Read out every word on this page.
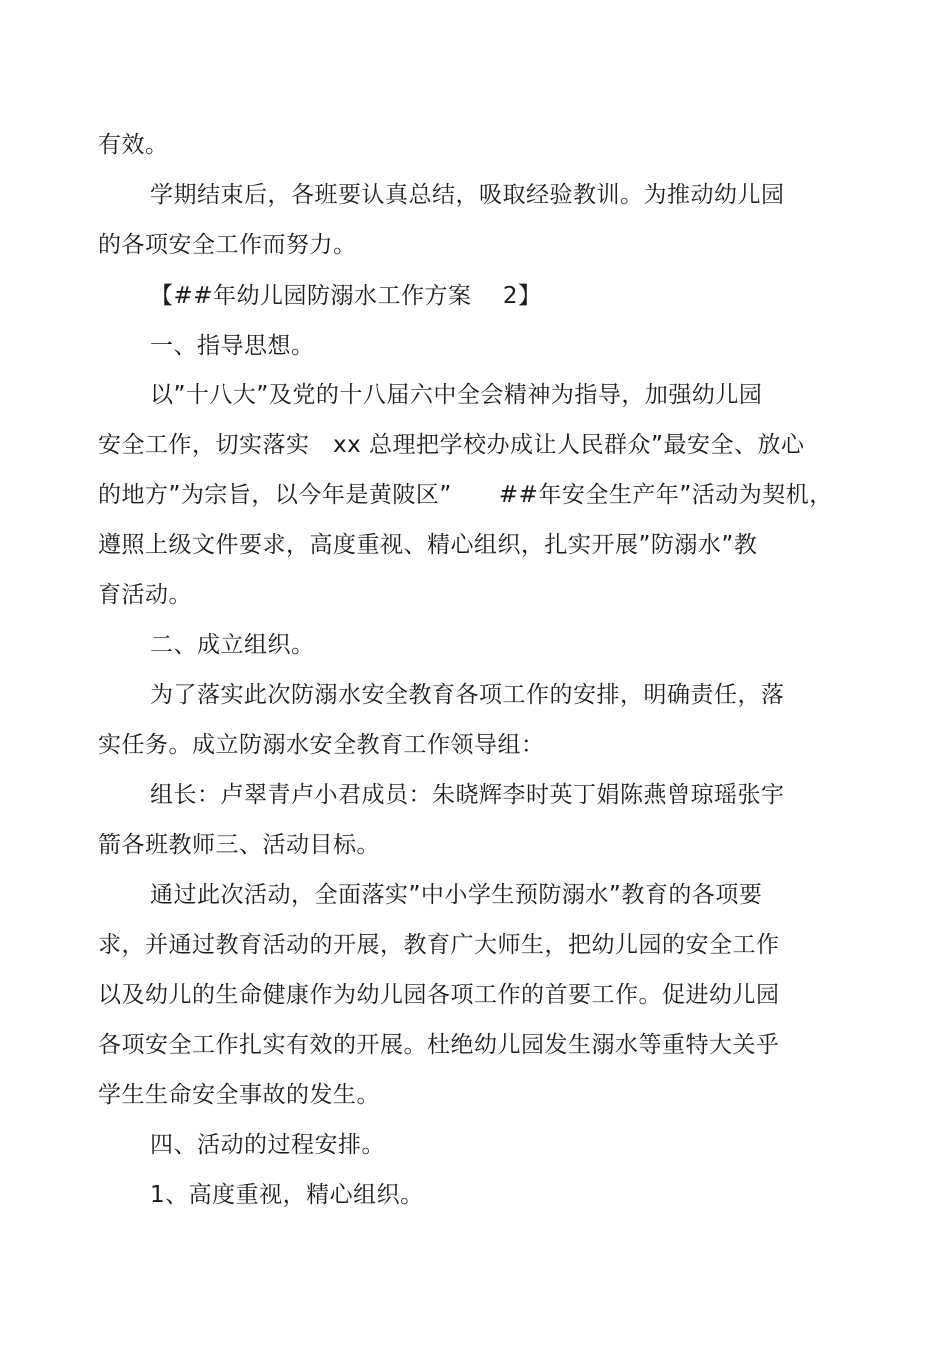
有效。
学期结束后，各班要认真总结，吸取经验教训。为推动幼儿园
的各项安全工作而努力。
【##年幼儿园防溺水工作方案　 2】
一、指导思想。
以”十八大”及党的十八届六中全会精神为指导，加强幼儿园
安全工作，切实落实　xx 总理把学校办成让人民群众”最安全、放心
的地方”为宗旨，以今年是黄陂区”　　##年安全生产年”活动为契机，
遵照上级文件要求，高度重视、精心组织，扎实开展”防溺水”教
育活动。
二、成立组织。
为了落实此次防溺水安全教育各项工作的安排，明确责任，落
实任务。成立防溺水安全教育工作领导组：
组长：卢翠青卢小君成员：朱晓辉李时英丁娟陈燕曾琼瑶张宇
箭各班教师三、活动目标。
通过此次活动，全面落实”中小学生预防溺水”教育的各项要
求，并通过教育活动的开展，教育广大师生，把幼儿园的安全工作
以及幼儿的生命健康作为幼儿园各项工作的首要工作。促进幼儿园
各项安全工作扎实有效的开展。杜绝幼儿园发生溺水等重特大关乎
学生生命安全事故的发生。
四、活动的过程安排。
1、高度重视，精心组织。
